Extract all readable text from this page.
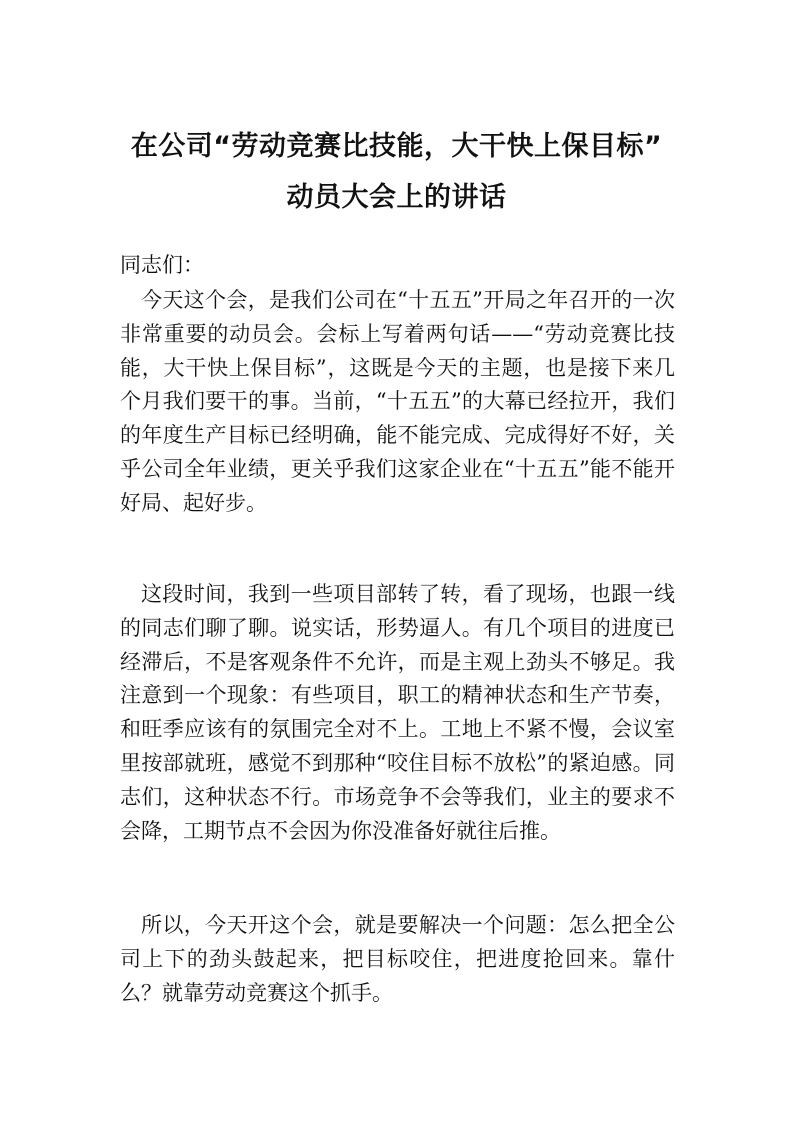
在公司“劳动竞赛比技能，大干快上保目标”
动员大会上的讲话
同志们：

今天这个会，是我们公司在“十五五”开局之年召开的一次非常重要的动员会。会标上写着两句话——“劳动竞赛比技能，大干快上保目标”，这既是今天的主题，也是接下来几个月我们要干的事。当前，“十五五”的大幕已经拉开，我们的年度生产目标已经明确，能不能完成、完成得好不好，关乎公司全年业绩，更关乎我们这家企业在“十五五”能不能开好局、起好步。

这段时间，我到一些项目部转了转，看了现场，也跟一线的同志们聊了聊。说实话，形势逼人。有几个项目的进度已经滞后，不是客观条件不允许，而是主观上劲头不够足。我注意到一个现象：有些项目，职工的精神状态和生产节奏，和旺季应该有的氛围完全对不上。工地上不紧不慢，会议室里按部就班，感觉不到那种“咬住目标不放松”的紧迫感。同志们，这种状态不行。市场竞争不会等我们，业主的要求不会降，工期节点不会因为你没准备好就往后推。

所以，今天开这个会，就是要解决一个问题：怎么把全公司上下的劲头鼓起来，把目标咬住，把进度抢回来。靠什么？就靠劳动竞赛这个抓手。
